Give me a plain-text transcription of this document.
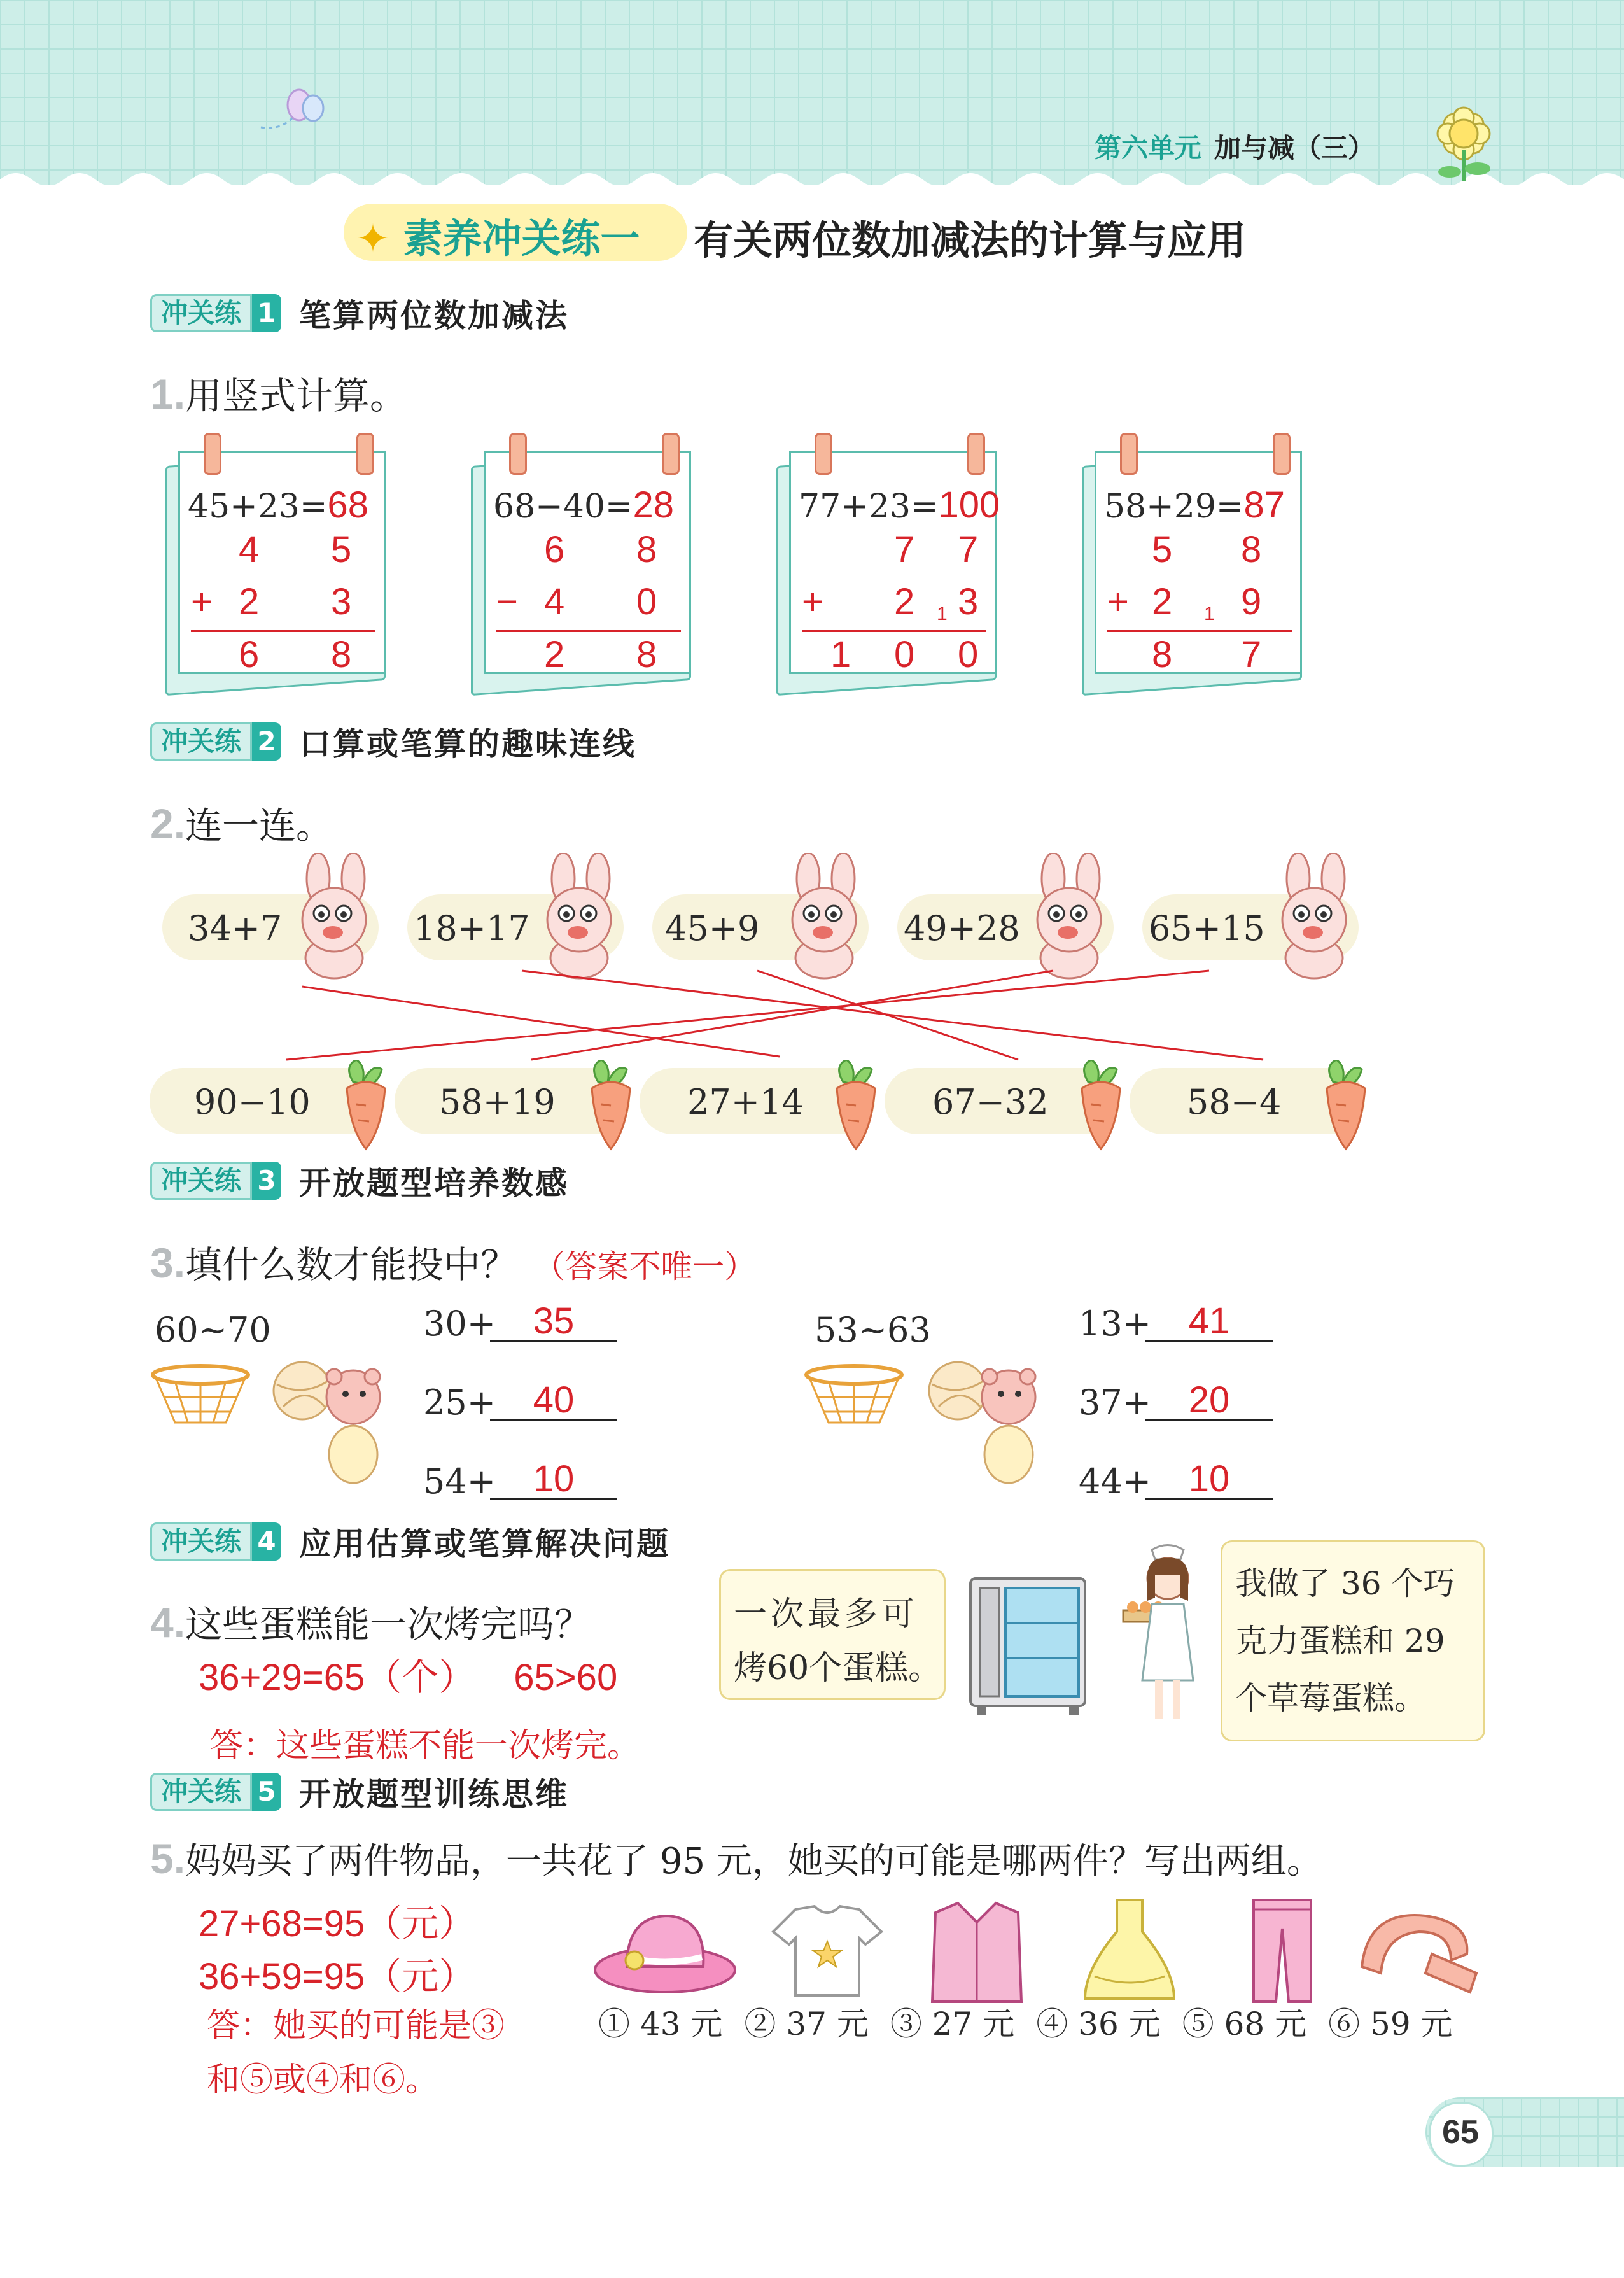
第六单元 加与减（三）
✦ 素养冲关练一 有关两位数加减法的计算与应用
冲关练 1 笔算两位数加减法
1.用竖式计算。
45+23=68
4 5
+ 2 3
6 8
68−40=28
6 8
− 4 0
2 8
77+23=100
7 7
+ 2 1 3
1 0 0
58+29=87
5 8
+ 2 1 9
8 7
冲关练 2 口算或笔算的趣味连线
2.连一连。
34+7	18+17	45+9	49+28	65+15
90−10	58+19	27+14	67−32	58−4
冲关练 3 开放题型培养数感
3.填什么数才能投中？ （答案不唯一）
60~70	30+	35
25+	40
54+	10
53~63	13+	41
37+	20
44+	10
冲关练 4 应用估算或笔算解决问题
4.这些蛋糕能一次烤完吗？
36+29=65（个） 65>60
答：这些蛋糕不能一次烤完。
一次最多可
烤60个蛋糕。
我做了 36 个巧
克力蛋糕和 29
个草莓蛋糕。
冲关练 5 开放题型训练思维
5.妈妈买了两件物品，一共花了 95 元，她买的可能是哪两件？写出两组。
27+68=95（元）
36+59=95（元）
答：她买的可能是③
和⑤或④和⑥。
① 43 元 ② 37 元 ③ 27 元 ④ 36 元 ⑤ 68 元 ⑥ 59 元
65
